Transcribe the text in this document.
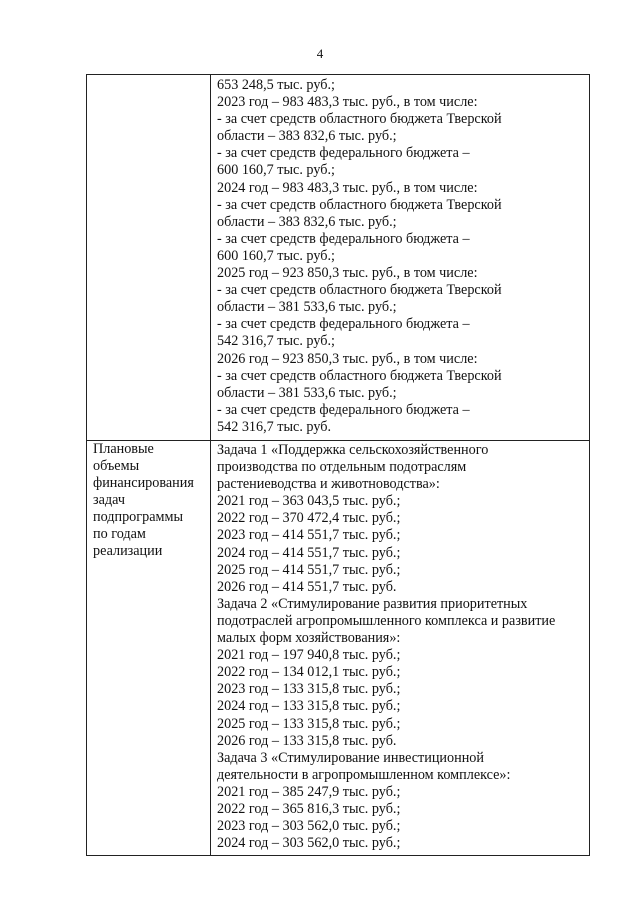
4
653 248,5 тыс. руб.;
2023 год – 983 483,3 тыс. руб., в том числе:
- за счет средств областного бюджета Тверской
области – 383 832,6 тыс. руб.;
- за счет средств федерального бюджета –
600 160,7 тыс. руб.;
2024 год – 983 483,3 тыс. руб., в том числе:
- за счет средств областного бюджета Тверской
области – 383 832,6 тыс. руб.;
- за счет средств федерального бюджета –
600 160,7 тыс. руб.;
2025 год – 923 850,3 тыс. руб., в том числе:
- за счет средств областного бюджета Тверской
области – 381 533,6 тыс. руб.;
- за счет средств федерального бюджета –
542 316,7 тыс. руб.;
2026 год – 923 850,3 тыс. руб., в том числе:
- за счет средств областного бюджета Тверской
области – 381 533,6 тыс. руб.;
- за счет средств федерального бюджета –
542 316,7 тыс. руб.
Плановые
объемы
финансирования
задач
подпрограммы
по годам
реализации
Задача 1 «Поддержка сельскохозяйственного
производства по отдельным подотраслям
растениеводства и животноводства»:
2021 год – 363 043,5 тыс. руб.;
2022 год – 370 472,4 тыс. руб.;
2023 год – 414 551,7 тыс. руб.;
2024 год – 414 551,7 тыс. руб.;
2025 год – 414 551,7 тыс. руб.;
2026 год – 414 551,7 тыс. руб.
Задача 2 «Стимулирование развития приоритетных
подотраслей агропромышленного комплекса и развитие
малых форм хозяйствования»:
2021 год – 197 940,8 тыс. руб.;
2022 год – 134 012,1 тыс. руб.;
2023 год – 133 315,8 тыс. руб.;
2024 год – 133 315,8 тыс. руб.;
2025 год – 133 315,8 тыс. руб.;
2026 год – 133 315,8 тыс. руб.
Задача 3 «Стимулирование инвестиционной
деятельности в агропромышленном комплексе»:
2021 год – 385 247,9 тыс. руб.;
2022 год – 365 816,3 тыс. руб.;
2023 год – 303 562,0 тыс. руб.;
2024 год – 303 562,0 тыс. руб.;
